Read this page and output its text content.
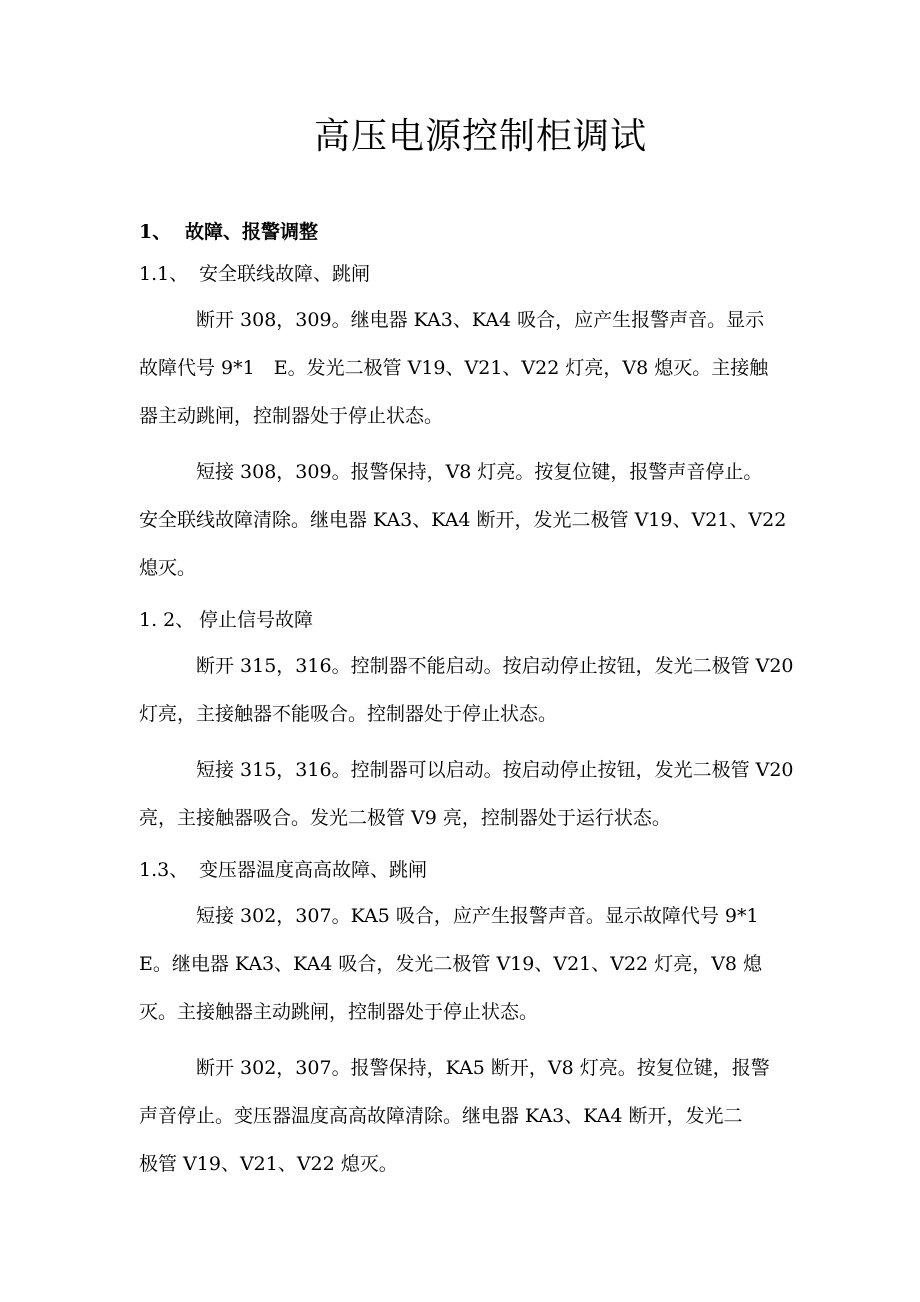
高压电源控制柜调试
1、 故障、报警调整
1.1、 安全联线故障、跳闸

断开 308，309。继电器 KA3、KA4 吸合，应产生报警声音。显示
故障代号 9*1　E。发光二极管 V19、V21、V22 灯亮，V8 熄灭。主接触
器主动跳闸，控制器处于停止状态。

短接 308，309。报警保持，V8 灯亮。按复位键，报警声音停止。
安全联线故障清除。继电器 KA3、KA4 断开，发光二极管 V19、V21、V22
熄灭。

1. 2、 停止信号故障

断开 315，316。控制器不能启动。按启动停止按钮，发光二极管 V20
灯亮，主接触器不能吸合。控制器处于停止状态。

短接 315，316。控制器可以启动。按启动停止按钮，发光二极管 V20
亮，主接触器吸合。发光二极管 V9 亮，控制器处于运行状态。

1.3、 变压器温度高高故障、跳闸

短接 302，307。KA5 吸合，应产生报警声音。显示故障代号 9*1
E。继电器 KA3、KA4 吸合，发光二极管 V19、V21、V22 灯亮，V8 熄
灭。主接触器主动跳闸，控制器处于停止状态。

断开 302，307。报警保持，KA5 断开，V8 灯亮。按复位键，报警
声音停止。变压器温度高高故障清除。继电器 KA3、KA4 断开，发光二
极管 V19、V21、V22 熄灭。
